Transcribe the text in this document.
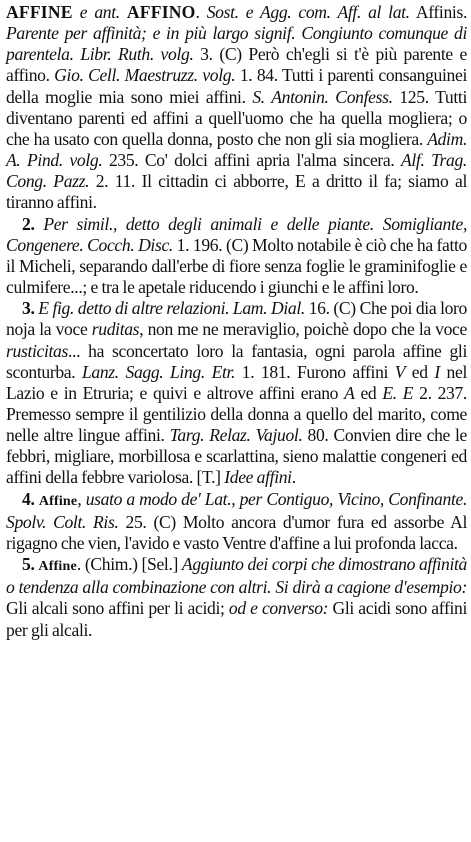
AFFINE e ant. AFFINO. Sost. e Agg. com. Aff. al lat. Affinis. Parente per affinità; e in più largo signif. Congiunto comunque di parentela. Libr. Ruth. volg. 3. (C) Però ch'egli si t'è più parente e affino. Gio. Cell. Maestruzz. volg. 1. 84. Tutti i parenti consanguinei della moglie mia sono miei affini. S. Antonin. Confess. 125. Tutti diventano parenti ed affini a quell'uomo che ha quella mogliera; o che ha usato con quella donna, posto che non gli sia mogliera. Adim. A. Pind. volg. 235. Co' dolci affini apria l'alma sincera. Alf. Trag. Cong. Pazz. 2. 11. Il cittadin ci abborre, E a dritto il fa; siamo al tiranno affini.

2. Per simil., detto degli animali e delle piante. Somigliante, Congenere. Cocch. Disc. 1. 196. (C) Molto notabile è ciò che ha fatto il Micheli, separando dall'erbe di fiore senza foglie le graminifoglie e culmifere...; e tra le apetale riducendo i giunchi e le affini loro.

3. E fig. detto di altre relazioni. Lam. Dial. 16. (C) Che poi dia loro noja la voce ruditas, non me ne meraviglio, poichè dopo che la voce rusticitas... ha sconcertato loro la fantasia, ogni parola affine gli sconturba. Lanz. Sagg. Ling. Etr. 1. 181. Furono affini V ed I nel Lazio e in Etruria; e quivi e altrove affini erano A ed E. E 2. 237. Premesso sempre il gentilizio della donna a quello del marito, come nelle altre lingue affini. Targ. Relaz. Vajuol. 80. Convien dire che le febbri, migliare, morbillosa e scarlattina, sieno malattie congeneri ed affini della febbre variolosa. [T.] Idee affini.

4. Affine, usato a modo de' Lat., per Contiguo, Vicino, Confinante. Spolv. Colt. Ris. 25. (C) Molto ancora d'umor fura ed assorbe Al rigagno che vien, l'avido e vasto Ventre d'affine a lui profonda lacca.

5. Affine. (Chim.) [Sel.] Aggiunto dei corpi che dimostrano affinità o tendenza alla combinazione con altri. Si dirà a cagione d'esempio: Gli alcali sono affini per li acidi; od e converso: Gli acidi sono affini per gli alcali.
